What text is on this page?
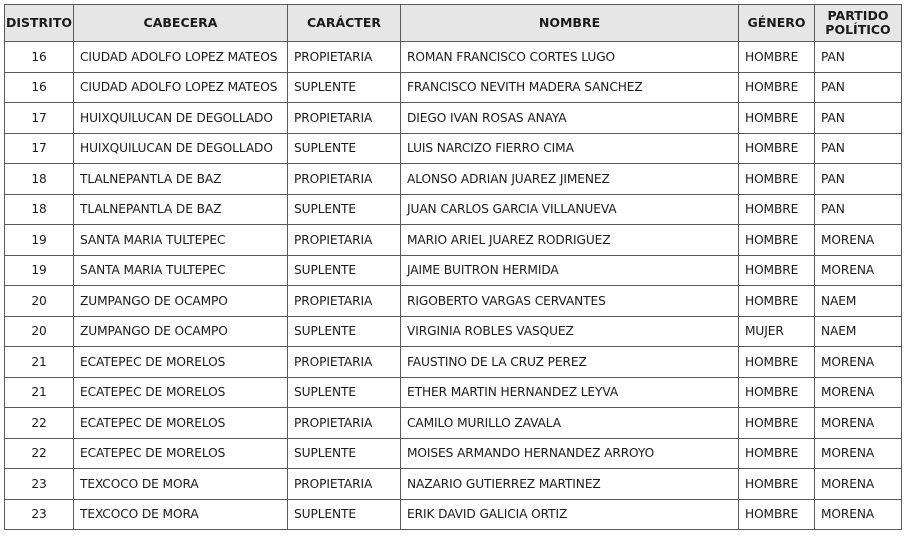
DISTRITO	CABECERA	CARÁCTER	NOMBRE	GÉNERO	PARTIDO
POLÍTICO
16	CIUDAD ADOLFO LOPEZ MATEOS	PROPIETARIA	ROMAN FRANCISCO CORTES LUGO	HOMBRE	PAN
16	CIUDAD ADOLFO LOPEZ MATEOS	SUPLENTE	FRANCISCO NEVITH MADERA SANCHEZ	HOMBRE	PAN
17	HUIXQUILUCAN DE DEGOLLADO	PROPIETARIA	DIEGO IVAN ROSAS ANAYA	HOMBRE	PAN
17	HUIXQUILUCAN DE DEGOLLADO	SUPLENTE	LUIS NARCIZO FIERRO CIMA	HOMBRE	PAN
18	TLALNEPANTLA DE BAZ	PROPIETARIA	ALONSO ADRIAN JUAREZ JIMENEZ	HOMBRE	PAN
18	TLALNEPANTLA DE BAZ	SUPLENTE	JUAN CARLOS GARCIA VILLANUEVA	HOMBRE	PAN
19	SANTA MARIA TULTEPEC	PROPIETARIA	MARIO ARIEL JUAREZ RODRIGUEZ	HOMBRE	MORENA
19	SANTA MARIA TULTEPEC	SUPLENTE	JAIME BUITRON HERMIDA	HOMBRE	MORENA
20	ZUMPANGO DE OCAMPO	PROPIETARIA	RIGOBERTO VARGAS CERVANTES	HOMBRE	NAEM
20	ZUMPANGO DE OCAMPO	SUPLENTE	VIRGINIA ROBLES VASQUEZ	MUJER	NAEM
21	ECATEPEC DE MORELOS	PROPIETARIA	FAUSTINO DE LA CRUZ PEREZ	HOMBRE	MORENA
21	ECATEPEC DE MORELOS	SUPLENTE	ETHER MARTIN HERNANDEZ LEYVA	HOMBRE	MORENA
22	ECATEPEC DE MORELOS	PROPIETARIA	CAMILO MURILLO ZAVALA	HOMBRE	MORENA
22	ECATEPEC DE MORELOS	SUPLENTE	MOISES ARMANDO HERNANDEZ ARROYO	HOMBRE	MORENA
23	TEXCOCO DE MORA	PROPIETARIA	NAZARIO GUTIERREZ MARTINEZ	HOMBRE	MORENA
23	TEXCOCO DE MORA	SUPLENTE	ERIK DAVID GALICIA ORTIZ	HOMBRE	MORENA
